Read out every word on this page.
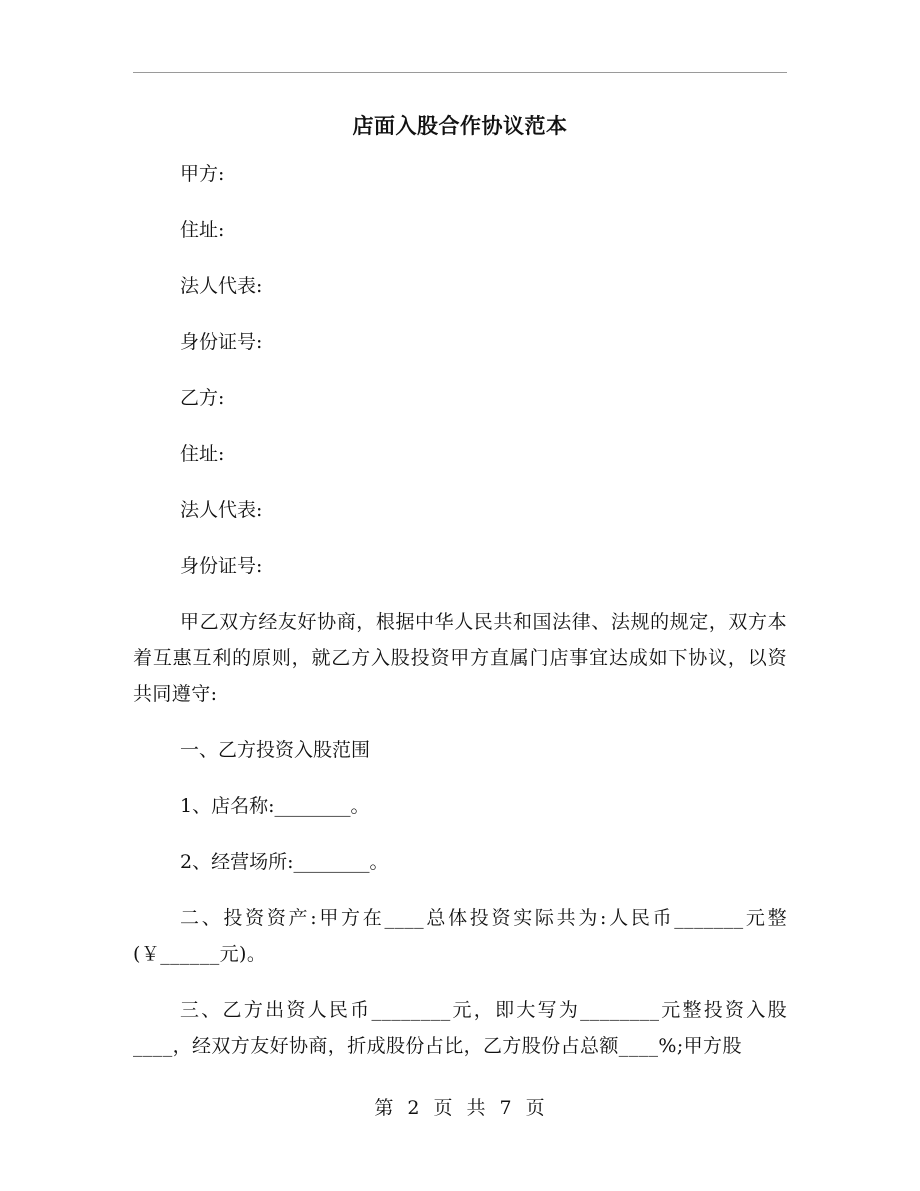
店面入股合作协议范本
甲方:
住址:
法人代表:
身份证号:
乙方:
住址:
法人代表:
身份证号:
甲乙双方经友好协商，根据中华人民共和国法律、法规的规定，双方本着互惠互利的原则，就乙方入股投资甲方直属门店事宜达成如下协议，以资共同遵守:
一、乙方投资入股范围
1、店名称:________。
2、经营场所:________。
二、投资资产:甲方在____总体投资实际共为:人民币_______元整(￥______元)。
三、乙方出资人民币________元，即大写为________元整投资入股____，经双方友好协商，折成股份占比，乙方股份占总额____%;甲方股
第 2 页 共 7 页
